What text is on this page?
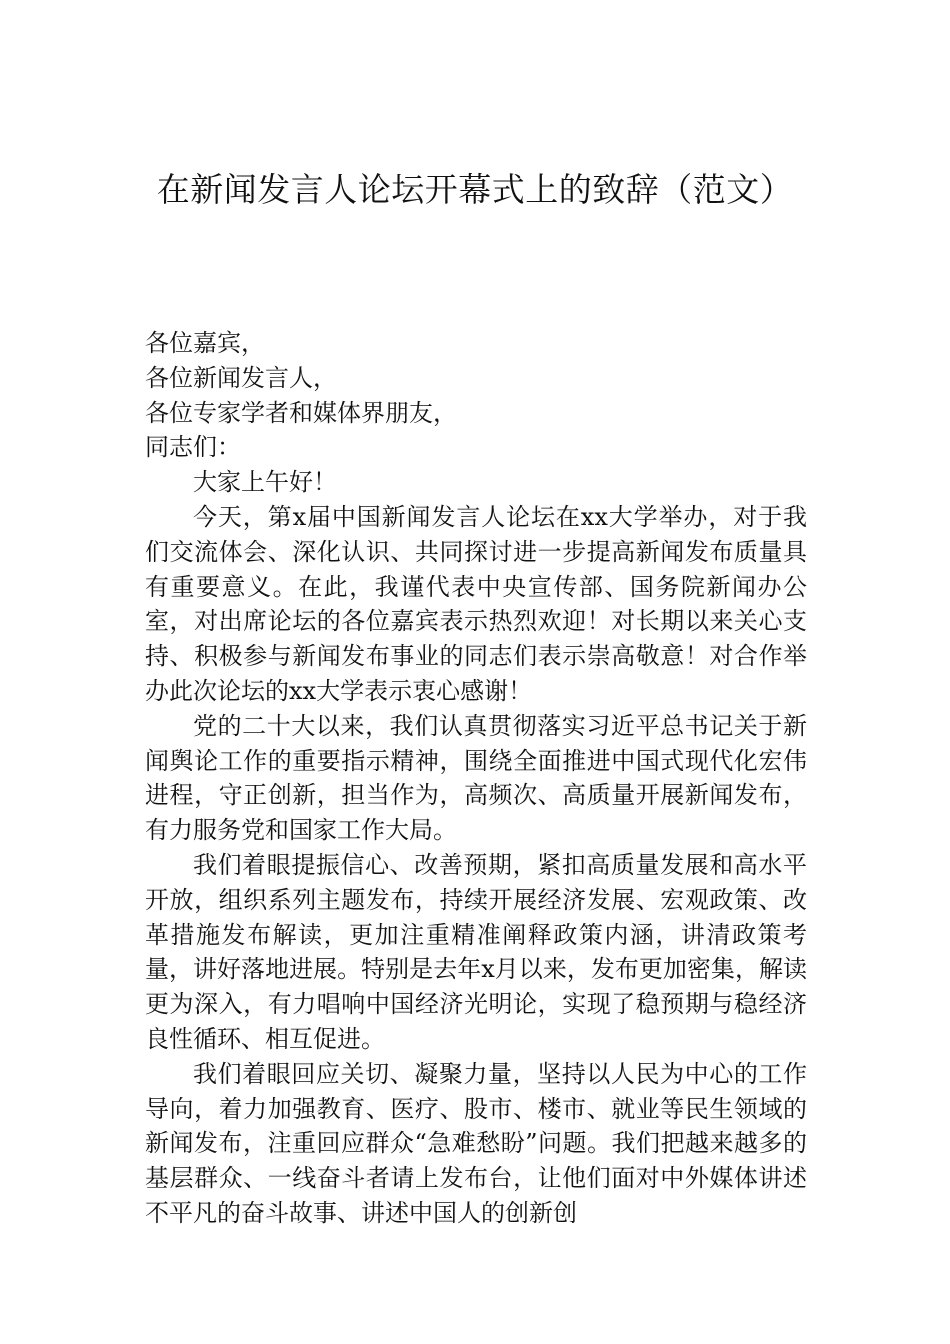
在新闻发言人论坛开幕式上的致辞（范文）

各位嘉宾，

各位新闻发言人，

各位专家学者和媒体界朋友，

同志们：

大家上午好！

今天，第x届中国新闻发言人论坛在xx大学举办，对于我们交流体会、深化认识、共同探讨进一步提高新闻发布质量具有重要意义。在此，我谨代表中央宣传部、国务院新闻办公室，对出席论坛的各位嘉宾表示热烈欢迎！对长期以来关心支持、积极参与新闻发布事业的同志们表示崇高敬意！对合作举办此次论坛的xx大学表示衷心感谢！

党的二十大以来，我们认真贯彻落实习近平总书记关于新闻舆论工作的重要指示精神，围绕全面推进中国式现代化宏伟进程，守正创新，担当作为，高频次、高质量开展新闻发布，有力服务党和国家工作大局。

我们着眼提振信心、改善预期，紧扣高质量发展和高水平开放，组织系列主题发布，持续开展经济发展、宏观政策、改革措施发布解读，更加注重精准阐释政策内涵，讲清政策考量，讲好落地进展。特别是去年x月以来，发布更加密集，解读更为深入，有力唱响中国经济光明论，实现了稳预期与稳经济良性循环、相互促进。

我们着眼回应关切、凝聚力量，坚持以人民为中心的工作导向，着力加强教育、医疗、股市、楼市、就业等民生领域的新闻发布，注重回应群众“急难愁盼”问题。我们把越来越多的基层群众、一线奋斗者请上发布台，让他们面对中外媒体讲述不平凡的奋斗故事、讲述中国人的创新创
